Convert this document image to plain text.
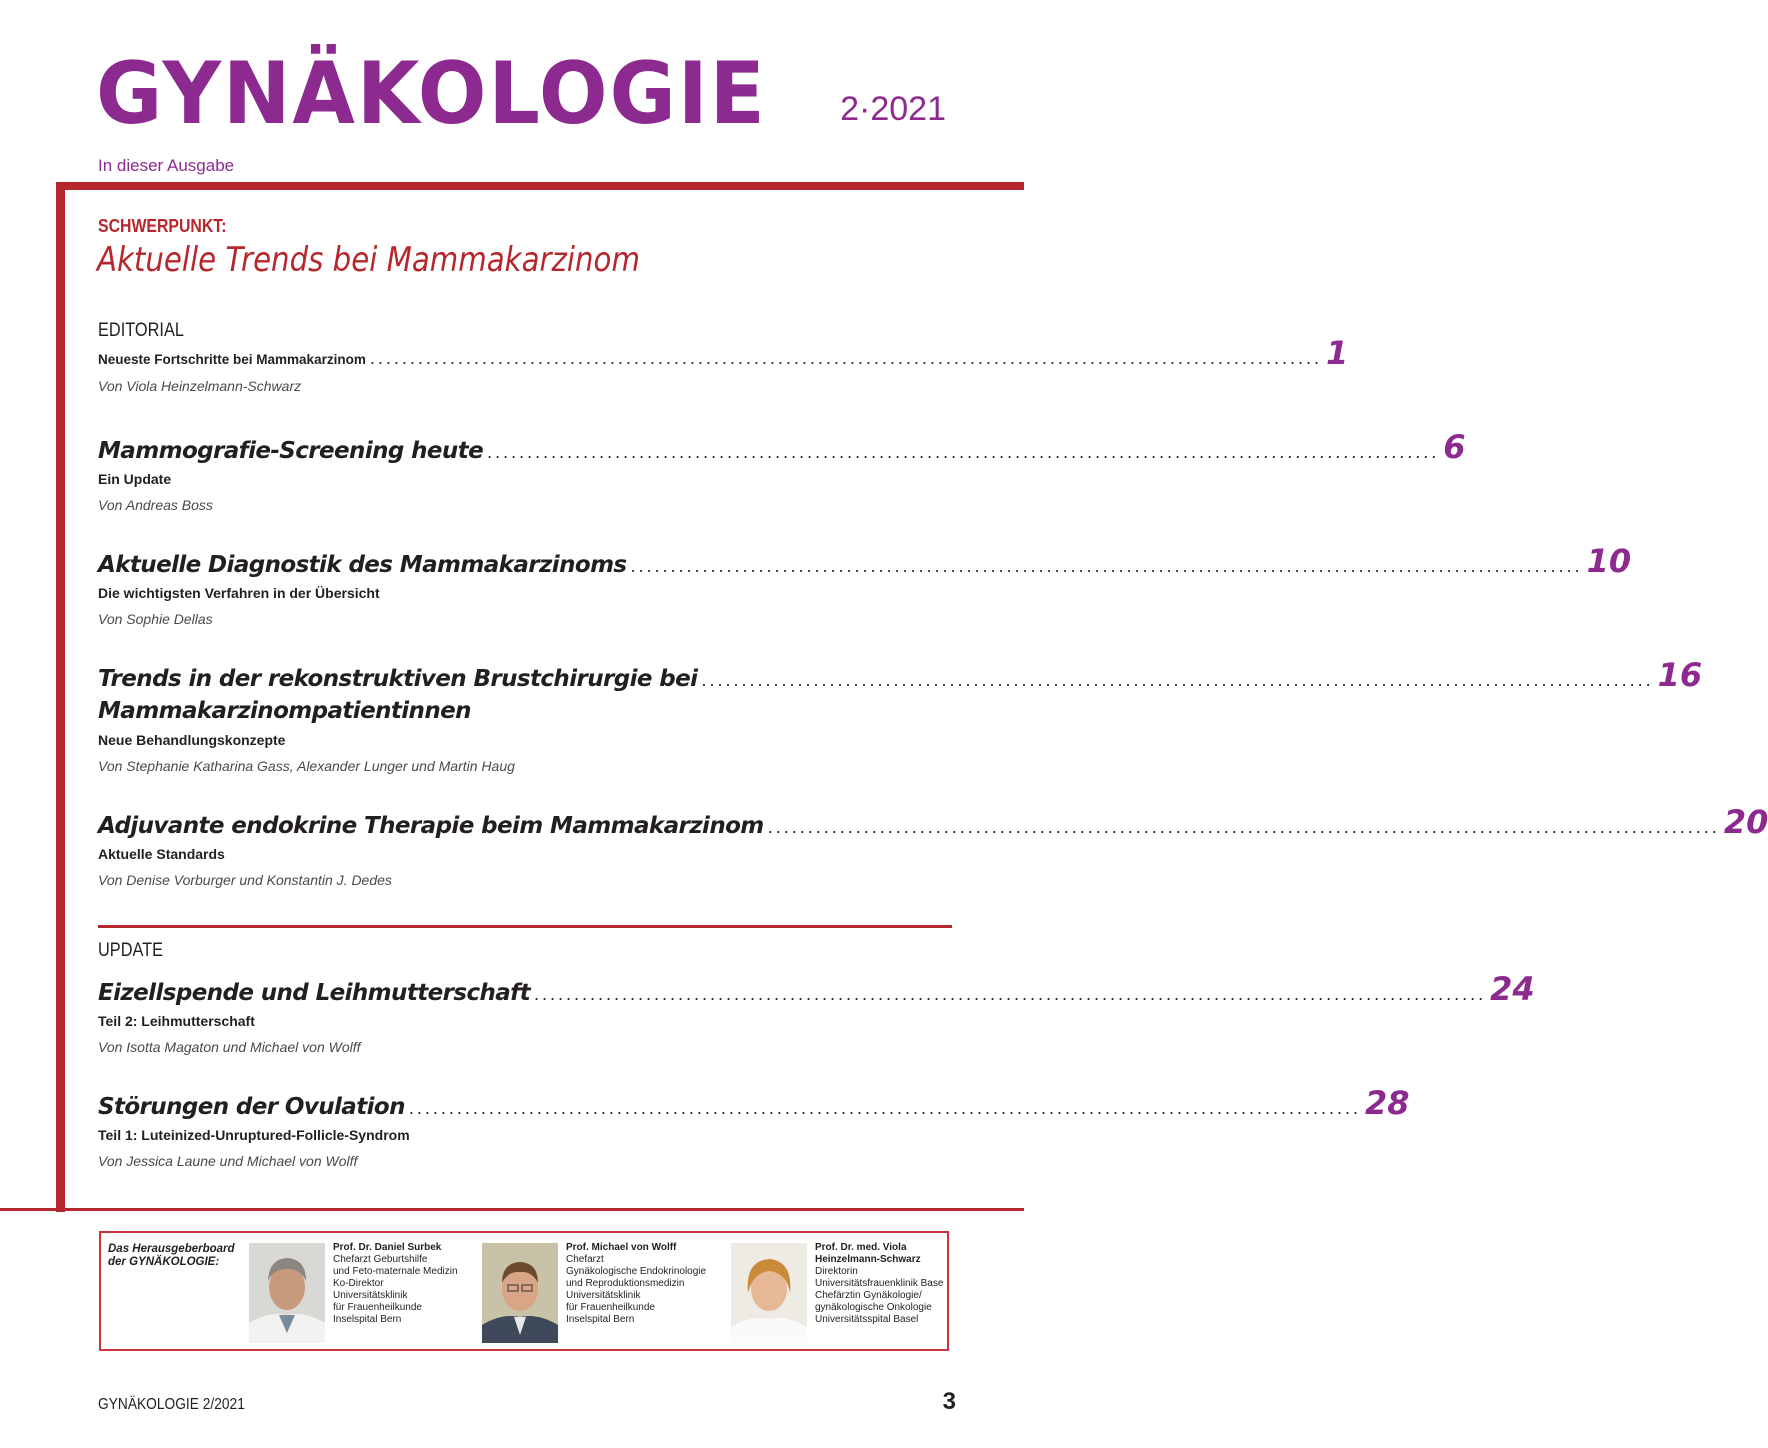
GYNÄKOLOGIE 2·2021
In dieser Ausgabe
SCHWERPUNKT:
Aktuelle Trends bei Mammakarzinom
EDITORIAL
Neueste Fortschritte bei Mammakarzinom ....................................................................................................................... 1
Von Viola Heinzelmann-Schwarz
Mammografie-Screening heute ....................................................................................................................... 6
Ein Update
Von Andreas Boss
Aktuelle Diagnostik des Mammakarzinoms ....................................................................................................................... 10
Die wichtigsten Verfahren in der Übersicht
Von Sophie Dellas
Trends in der rekonstruktiven Brustchirurgie bei ....................................................................................................................... 16
Mammakarzinompatientinnen
Neue Behandlungskonzepte
Von Stephanie Katharina Gass, Alexander Lunger und Martin Haug
Adjuvante endokrine Therapie beim Mammakarzinom ....................................................................................................................... 20
Aktuelle Standards
Von Denise Vorburger und Konstantin J. Dedes
UPDATE
Eizellspende und Leihmutterschaft ....................................................................................................................... 24
Teil 2: Leihmutterschaft
Von Isotta Magaton und Michael von Wolff
Störungen der Ovulation ....................................................................................................................... 28
Teil 1: Luteinized-Unruptured-Follicle-Syndrom
Von Jessica Laune und Michael von Wolff
Das Herausgeberboard der GYNÄKOLOGIE:
Prof. Dr. Daniel Surbek
Chefarzt Geburtshilfe
und Feto-maternale Medizin
Ko-Direktor
Universitätsklinik
für Frauenheilkunde
Inselspital Bern
Prof. Michael von Wolff
Chefarzt
Gynäkologische Endokrinologie
und Reproduktionsmedizin
Universitätsklinik
für Frauenheilkunde
Inselspital Bern
Prof. Dr. med. Viola
Heinzelmann-Schwarz
Direktorin
Universitätsfrauenklinik Base
Chefärztin Gynäkologie/
gynäkologische Onkologie
Universitätsspital Basel
GYNÄKOLOGIE 2/2021	3
